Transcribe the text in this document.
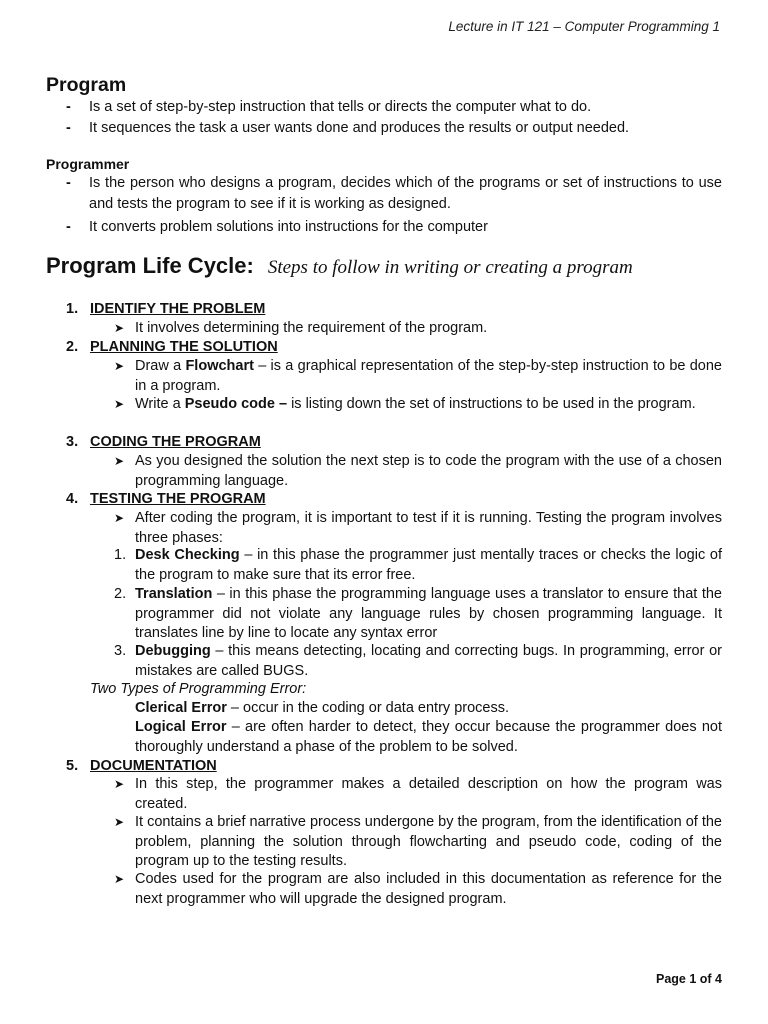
Lecture in IT 121 – Computer Programming 1
Program
- Is a set of step-by-step instruction that tells or directs the computer what to do.
- It sequences the task a user wants done and produces the results or output needed.
Programmer
- Is the person who designs a program, decides which of the programs or set of instructions to use and tests the program to see if it is working as designed.
- It converts problem solutions into instructions for the computer
Program Life Cycle: Steps to follow in writing or creating a program
1. IDENTIFY THE PROBLEM
➤ It involves determining the requirement of the program.
2. PLANNING THE SOLUTION
➤ Draw a Flowchart – is a graphical representation of the step-by-step instruction to be done in a program.
➤ Write a Pseudo code – is listing down the set of instructions to be used in the program.
3. CODING THE PROGRAM
➤ As you designed the solution the next step is to code the program with the use of a chosen programming language.
4. TESTING THE PROGRAM
➤ After coding the program, it is important to test if it is running. Testing the program involves three phases:
1. Desk Checking – in this phase the programmer just mentally traces or checks the logic of the program to make sure that its error free.
2. Translation – in this phase the programming language uses a translator to ensure that the programmer did not violate any language rules by chosen programming language. It translates line by line to locate any syntax error
3. Debugging – this means detecting, locating and correcting bugs. In programming, error or mistakes are called BUGS.
Two Types of Programming Error:
Clerical Error – occur in the coding or data entry process.
Logical Error – are often harder to detect, they occur because the programmer does not thoroughly understand a phase of the problem to be solved.
5. DOCUMENTATION
➤ In this step, the programmer makes a detailed description on how the program was created.
➤ It contains a brief narrative process undergone by the program, from the identification of the problem, planning the solution through flowcharting and pseudo code, coding of the program up to the testing results.
➤ Codes used for the program are also included in this documentation as reference for the next programmer who will upgrade the designed program.
Page 1 of 4
